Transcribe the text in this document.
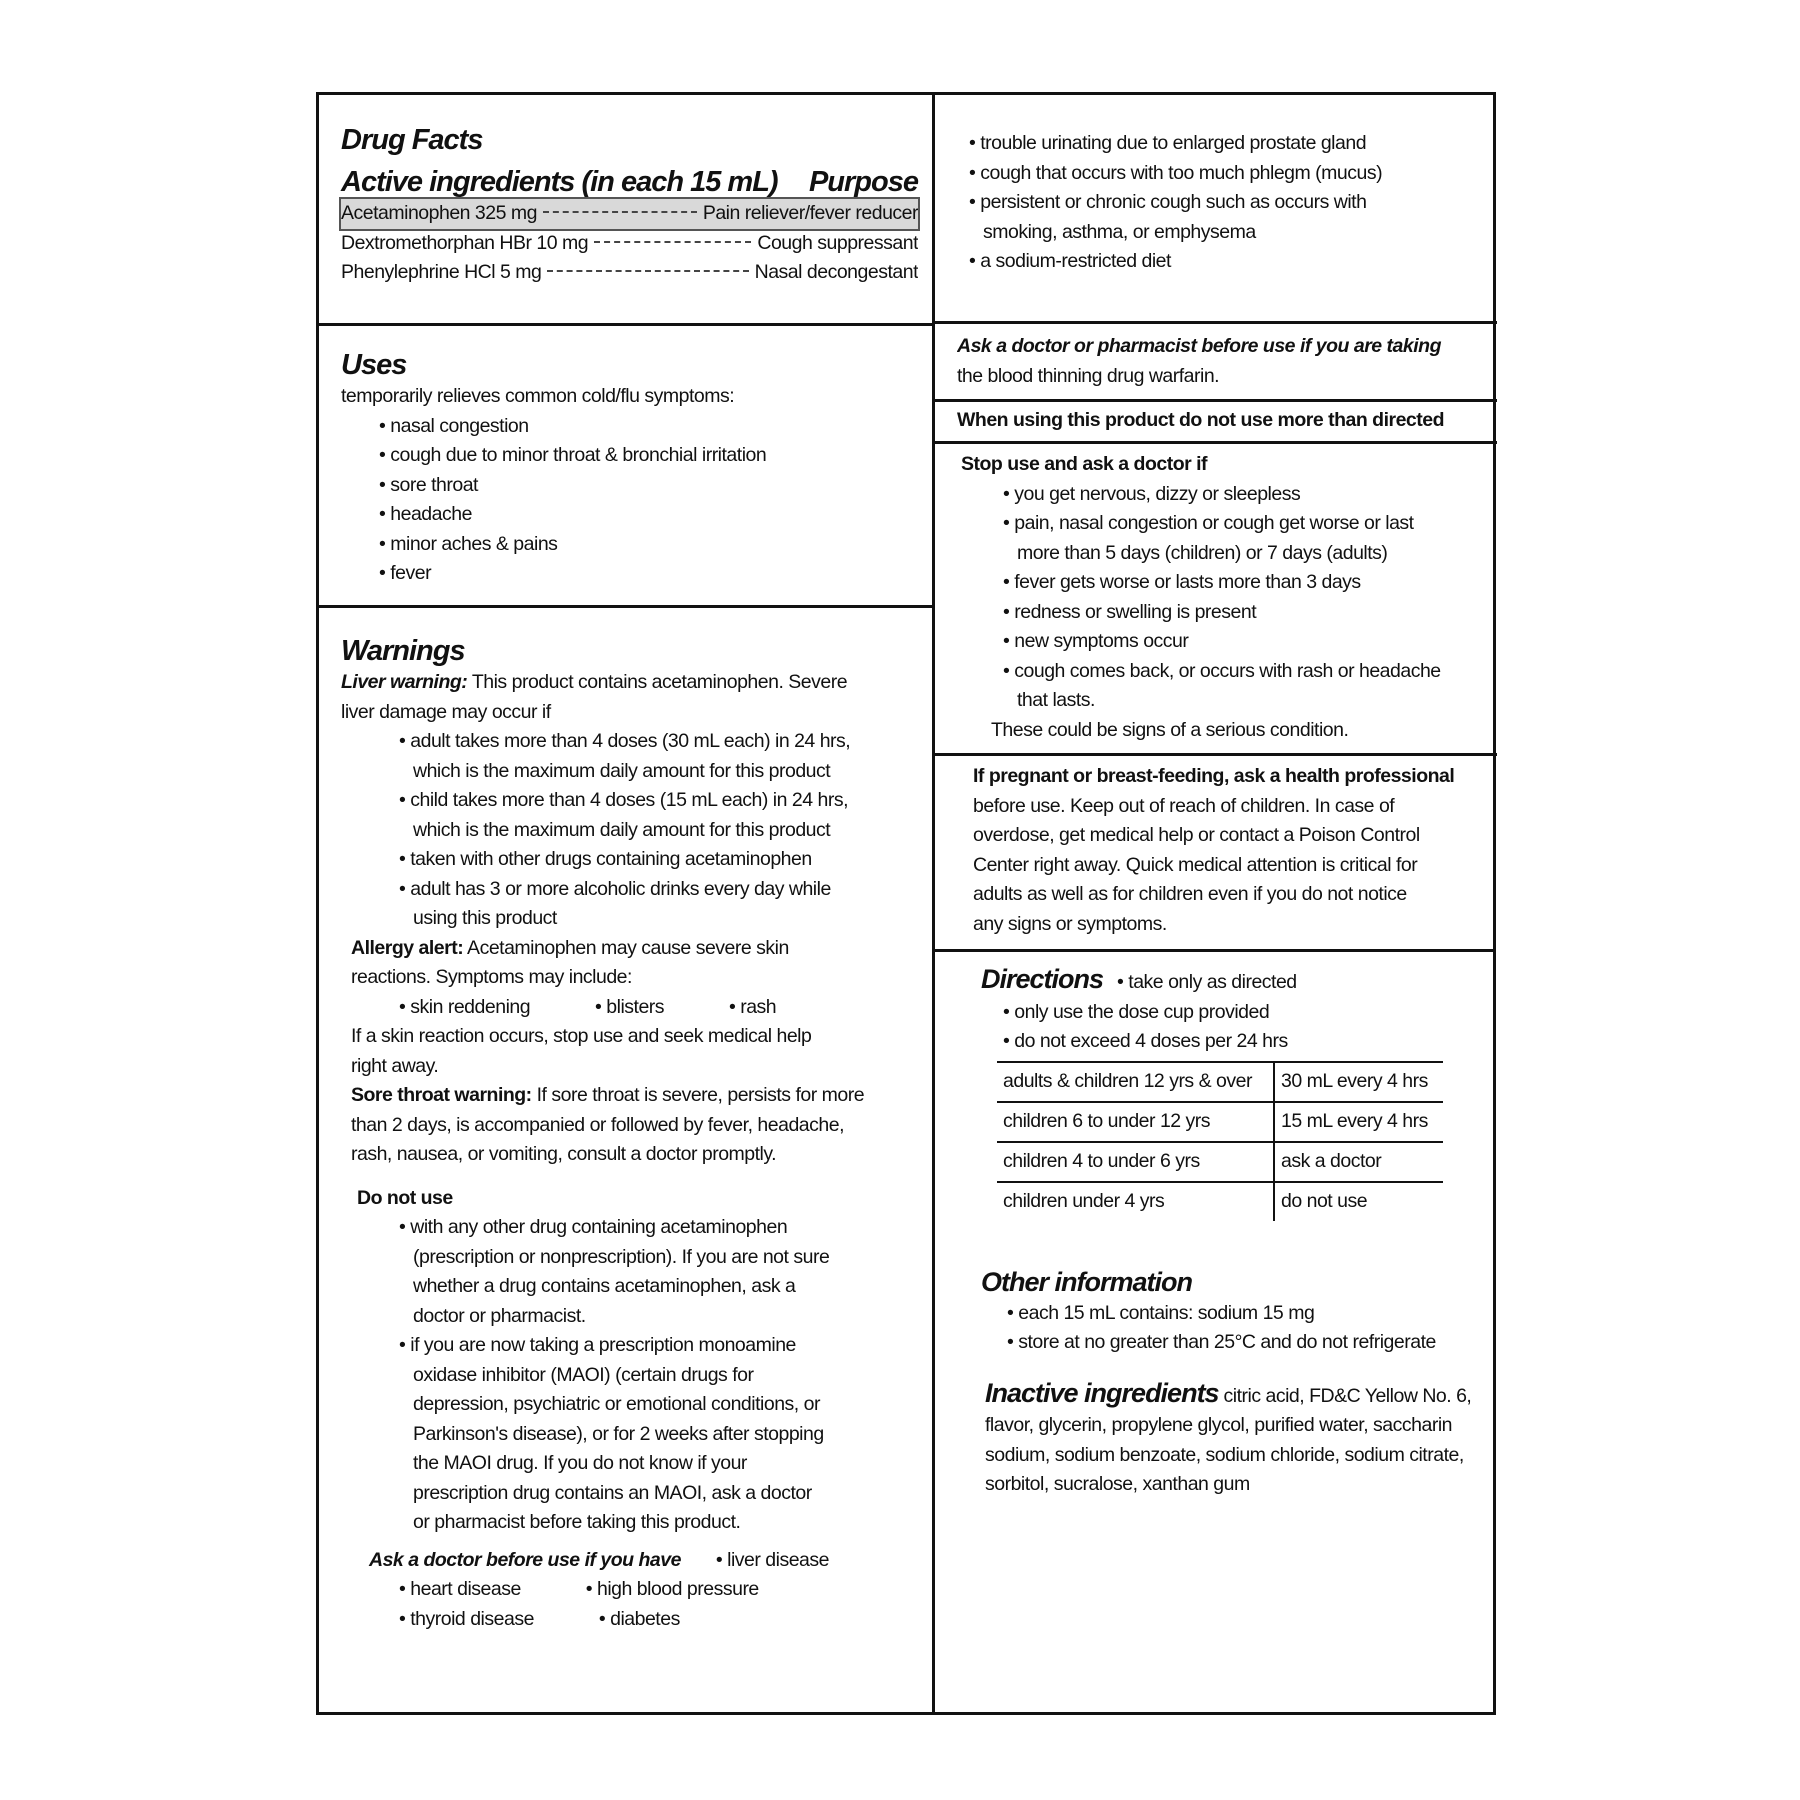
Drug Facts
Active ingredients (in each 15 mL)	Purpose
Acetaminophen 325 mg	Pain reliever/fever reducer
Dextromethorphan HBr 10 mg	Cough suppressant
Phenylephrine HCl 5 mg	Nasal decongestant
Uses
temporarily relieves common cold/flu symptoms:
• nasal congestion
• cough due to minor throat & bronchial irritation
• sore throat
• headache
• minor aches & pains
• fever
Warnings
Liver warning: This product contains acetaminophen. Severe
liver damage may occur if
• adult takes more than 4 doses (30 mL each) in 24 hrs,
which is the maximum daily amount for this product
• child takes more than 4 doses (15 mL each) in 24 hrs,
which is the maximum daily amount for this product
• taken with other drugs containing acetaminophen
• adult has 3 or more alcoholic drinks every day while
using this product
Allergy alert: Acetaminophen may cause severe skin
reactions. Symptoms may include:
• skin reddening	• blisters	• rash
If a skin reaction occurs, stop use and seek medical help
right away.
Sore throat warning: If sore throat is severe, persists for more
than 2 days, is accompanied or followed by fever, headache,
rash, nausea, or vomiting, consult a doctor promptly.
Do not use
• with any other drug containing acetaminophen
(prescription or nonprescription). If you are not sure
whether a drug contains acetaminophen, ask a
doctor or pharmacist.
• if you are now taking a prescription monoamine
oxidase inhibitor (MAOI) (certain drugs for
depression, psychiatric or emotional conditions, or
Parkinson's disease), or for 2 weeks after stopping
the MAOI drug. If you do not know if your
prescription drug contains an MAOI, ask a doctor
or pharmacist before taking this product.
Ask a doctor before use if you have • liver disease
• heart disease	• high blood pressure
• thyroid disease	• diabetes
• trouble urinating due to enlarged prostate gland
• cough that occurs with too much phlegm (mucus)
• persistent or chronic cough such as occurs with
smoking, asthma, or emphysema
• a sodium-restricted diet
Ask a doctor or pharmacist before use if you are taking
the blood thinning drug warfarin.
When using this product do not use more than directed
Stop use and ask a doctor if
• you get nervous, dizzy or sleepless
• pain, nasal congestion or cough get worse or last
more than 5 days (children) or 7 days (adults)
• fever gets worse or lasts more than 3 days
• redness or swelling is present
• new symptoms occur
• cough comes back, or occurs with rash or headache
that lasts.
These could be signs of a serious condition.
If pregnant or breast-feeding, ask a health professional
before use. Keep out of reach of children. In case of
overdose, get medical help or contact a Poison Control
Center right away. Quick medical attention is critical for
adults as well as for children even if you do not notice
any signs or symptoms.
Directions • take only as directed
• only use the dose cup provided
• do not exceed 4 doses per 24 hrs
adults & children 12 yrs & over	30 mL every 4 hrs
children 6 to under 12 yrs	15 mL every 4 hrs
children 4 to under 6 yrs	ask a doctor
children under 4 yrs	do not use
Other information
• each 15 mL contains: sodium 15 mg
• store at no greater than 25°C and do not refrigerate
Inactive ingredients citric acid, FD&C Yellow No. 6,
flavor, glycerin, propylene glycol, purified water, saccharin
sodium, sodium benzoate, sodium chloride, sodium citrate,
sorbitol, sucralose, xanthan gum
